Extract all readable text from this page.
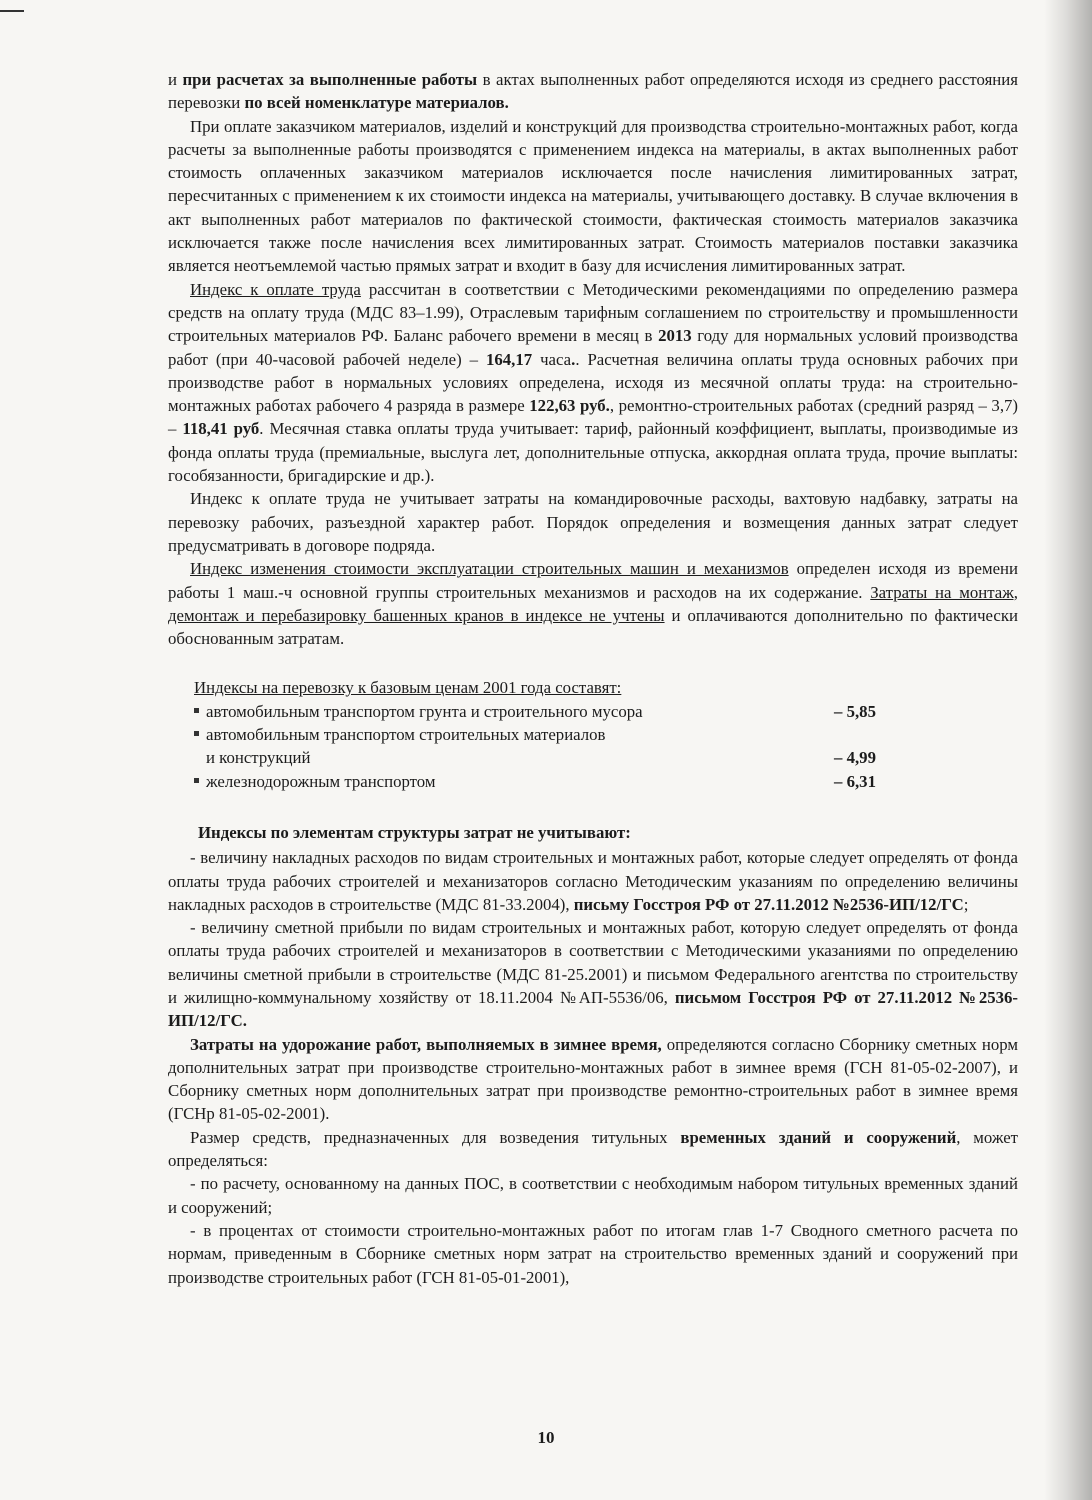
и при расчетах за выполненные работы в актах выполненных работ определяются исходя из среднего расстояния перевозки по всей номенклатуре материалов.

При оплате заказчиком материалов, изделий и конструкций для производства строительно-монтажных работ, когда расчеты за выполненные работы производятся с применением индекса на материалы, в актах выполненных работ стоимость оплаченных заказчиком материалов исключается после начисления лимитированных затрат, пересчитанных с применением к их стоимости индекса на материалы, учитывающего доставку. В случае включения в акт выполненных работ материалов по фактической стоимости, фактическая стоимость материалов заказчика исключается также после начисления всех лимитированных затрат. Стоимость материалов поставки заказчика является неотъемлемой частью прямых затрат и входит в базу для исчисления лимитированных затрат.

Индекс к оплате труда рассчитан в соответствии с Методическими рекомендациями по определению размера средств на оплату труда (МДС 83–1.99), Отраслевым тарифным соглашением по строительству и промышленности строительных материалов РФ. Баланс рабочего времени в месяц в 2013 году для нормальных условий производства работ (при 40-часовой рабочей неделе) – 164,17 часа.. Расчетная величина оплаты труда основных рабочих при производстве работ в нормальных условиях определена, исходя из месячной оплаты труда: на строительно-монтажных работах рабочего 4 разряда в размере 122,63 руб., ремонтно-строительных работах (средний разряд – 3,7) – 118,41 руб. Месячная ставка оплаты труда учитывает: тариф, районный коэффициент, выплаты, производимые из фонда оплаты труда (премиальные, выслуга лет, дополнительные отпуска, аккордная оплата труда, прочие выплаты: гособязанности, бригадирские и др.).

Индекс к оплате труда не учитывает затраты на командировочные расходы, вахтовую надбавку, затраты на перевозку рабочих, разъездной характер работ. Порядок определения и возмещения данных затрат следует предусматривать в договоре подряда.

Индекс изменения стоимости эксплуатации строительных машин и механизмов определен исходя из времени работы 1 маш.-ч основной группы строительных механизмов и расходов на их содержание. Затраты на монтаж, демонтаж и перебазировку башенных кранов в индексе не учтены и оплачиваются дополнительно по фактически обоснованным затратам.

Индексы на перевозку к базовым ценам 2001 года составят:
автомобильным транспортом грунта и строительного мусора	– 5,85
автомобильным транспортом строительных материалов
и конструкций	– 4,99
железнодорожным транспортом	– 6,31
Индексы по элементам структуры затрат не учитывают:

- величину накладных расходов по видам строительных и монтажных работ, которые следует определять от фонда оплаты труда рабочих строителей и механизаторов согласно Методическим указаниям по определению величины накладных расходов в строительстве (МДС 81-33.2004), письму Госстроя РФ от 27.11.2012 №2536-ИП/12/ГС;

- величину сметной прибыли по видам строительных и монтажных работ, которую следует определять от фонда оплаты труда рабочих строителей и механизаторов в соответствии с Методическими указаниями по определению величины сметной прибыли в строительстве (МДС 81-25.2001) и письмом Федерального агентства по строительству и жилищно-коммунальному хозяйству от 18.11.2004 №АП-5536/06, письмом Госстроя РФ от 27.11.2012 №2536-ИП/12/ГС.

Затраты на удорожание работ, выполняемых в зимнее время, определяются согласно Сборнику сметных норм дополнительных затрат при производстве строительно-монтажных работ в зимнее время (ГСН 81-05-02-2007), и Сборнику сметных норм дополнительных затрат при производстве ремонтно-строительных работ в зимнее время (ГСНр 81-05-02-2001).

Размер средств, предназначенных для возведения титульных временных зданий и сооружений, может определяться:

- по расчету, основанному на данных ПОС, в соответствии с необходимым набором титульных временных зданий и сооружений;

- в процентах от стоимости строительно-монтажных работ по итогам глав 1-7 Сводного сметного расчета по нормам, приведенным в Сборнике сметных норм затрат на строительство временных зданий и сооружений при производстве строительных работ (ГСН 81-05-01-2001),

10
